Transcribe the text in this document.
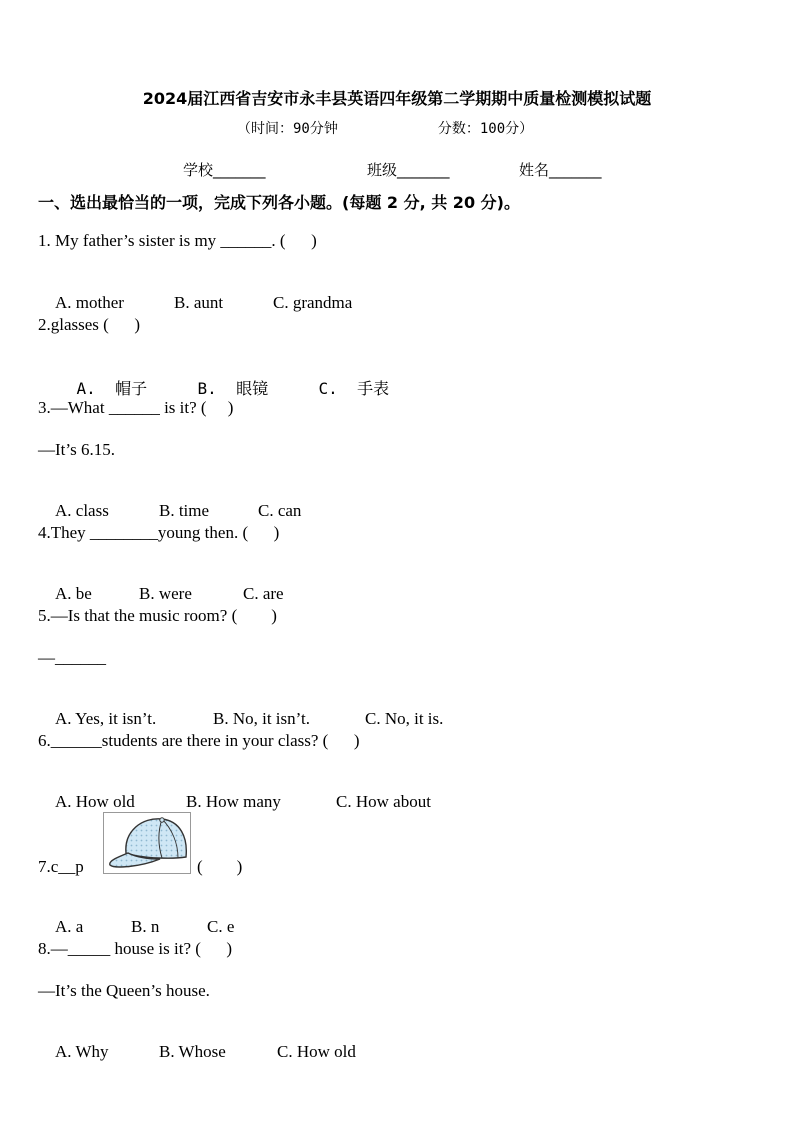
2024届江西省吉安市永丰县英语四年级第二学期期中质量检测模拟试题
（时间：90分钟	分数：100分）
学校_______	班级_______	姓名_______
一、选出最恰当的一项，完成下列各小题。(每题 2 分, 共 20 分)。
1. My father’s sister is my ______. (      )

A. mother	B. aunt	C. grandma

2.glasses (      )

A.  帽子	B.  眼镜	C.  手表

3.—What ______ is it? (     )
—It’s 6.15.

A. class	B. time	C. can

4.They ________young then. (      )

A. be	B. were	C. are

5.—Is that the music room? (        )
—______

A. Yes, it isn’t.	B. No, it isn’t.	C. No, it is.

6.______students are there in your class? (      )

A. How old	B. How many	C. How about

7.c__p	(        )

A. a	B. n	C. e

8.—_____ house is it? (      )
—It’s the Queen’s house.

A. Why	B. Whose	C. How old
